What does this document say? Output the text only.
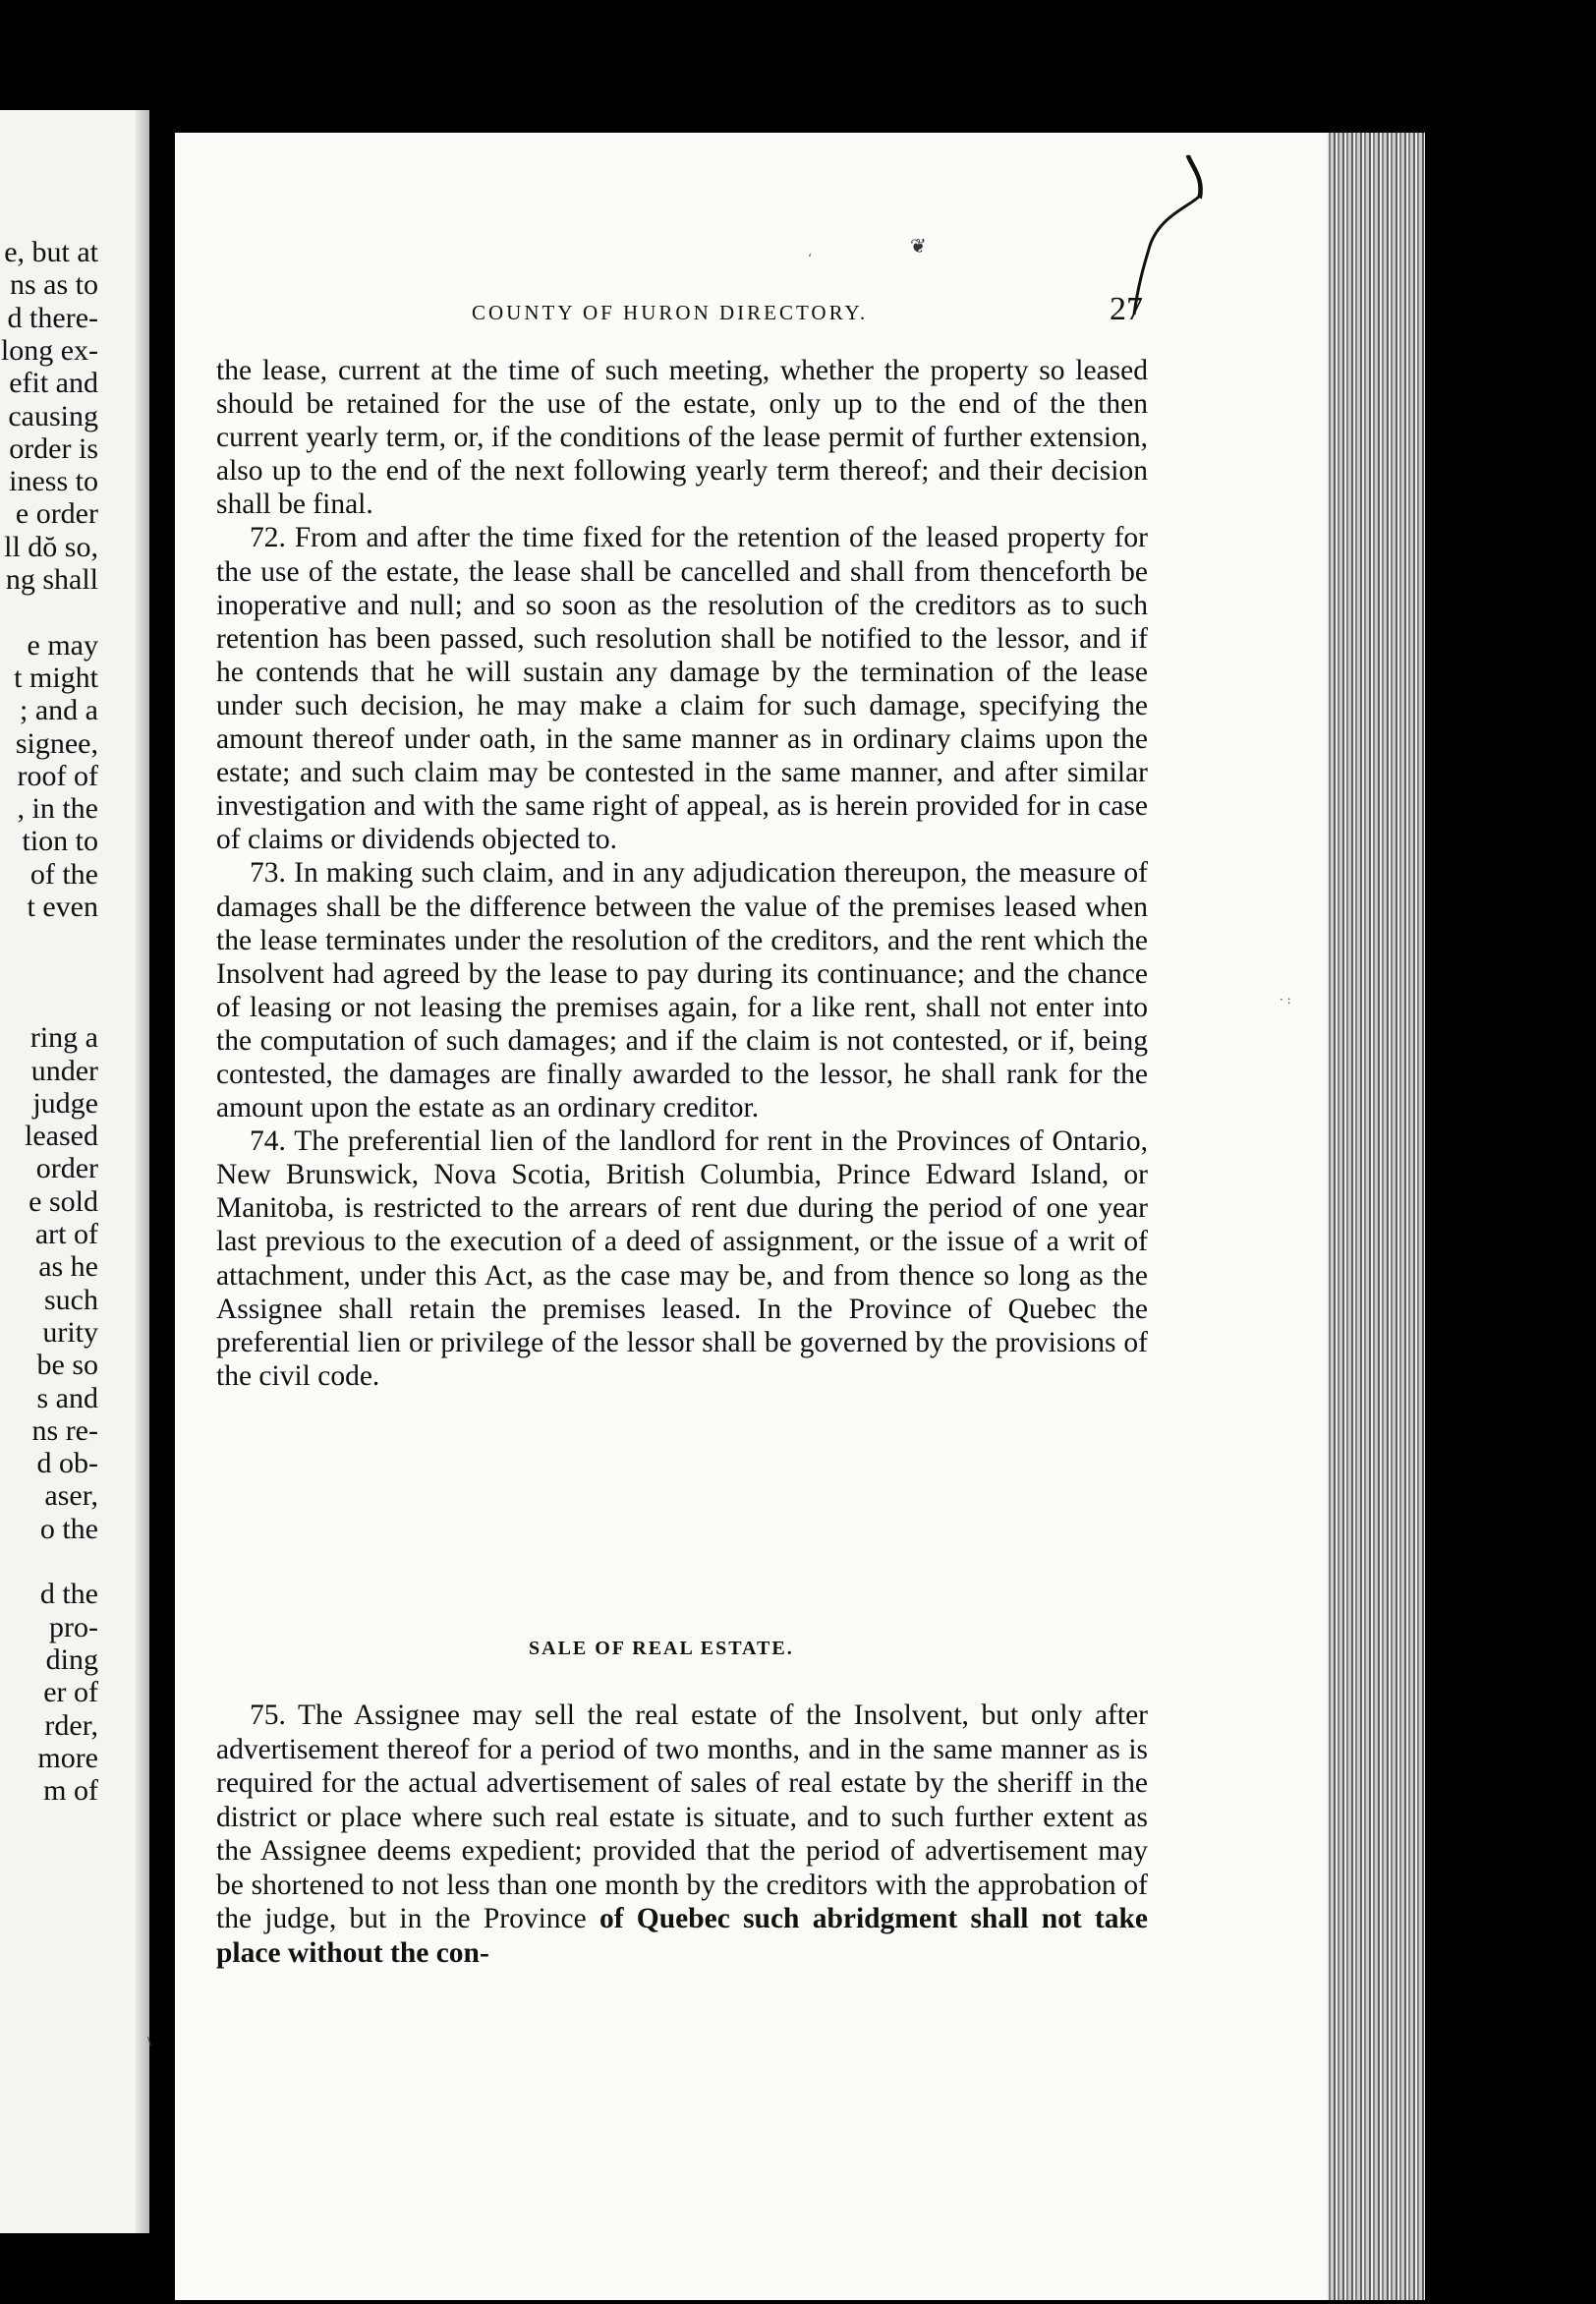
e, but at
ns as to
d there-
long ex-
efit and
causing
order is
iness to
e order
ll dŏ so,
ng shall
e may
t might
; and a
signee,
roof of
, in the
tion to
of the
t even
ring a
under
judge
leased
order
e sold
art of
as he
such
urity
be so
s and
ns re-
d ob-
aser,
o the
d the
pro-
ding
er of
rder,
more
m of
❦
ʻ
· :
\
COUNTY OF HURON DIRECTORY.	27

the lease, current at the time of such meeting, whether the property so leased should be retained for the use of the estate, only up to the end of the then current yearly term, or, if the conditions of the lease permit of further extension, also up to the end of the next following yearly term thereof; and their decision shall be final.

72. From and after the time fixed for the retention of the leased property for the use of the estate, the lease shall be cancelled and shall from thenceforth be inoperative and null; and so soon as the resolution of the creditors as to such retention has been passed, such resolution shall be notified to the lessor, and if he contends that he will sustain any damage by the termination of the lease under such decision, he may make a claim for such damage, specifying the amount thereof under oath, in the same manner as in ordinary claims upon the estate; and such claim may be contested in the same manner, and after similar investigation and with the same right of appeal, as is herein provided for in case of claims or dividends objected to.

73. In making such claim, and in any adjudication thereupon, the measure of damages shall be the difference between the value of the premises leased when the lease terminates under the resolution of the creditors, and the rent which the Insolvent had agreed by the lease to pay during its continuance; and the chance of leasing or not leasing the premises again, for a like rent, shall not enter into the computation of such damages; and if the claim is not contested, or if, being contested, the damages are finally awarded to the lessor, he shall rank for the amount upon the estate as an ordinary creditor.

74. The preferential lien of the landlord for rent in the Provinces of Ontario, New Brunswick, Nova Scotia, British Columbia, Prince Edward Island, or Manitoba, is restricted to the arrears of rent due during the period of one year last previous to the execution of a deed of assignment, or the issue of a writ of attachment, under this Act, as the case may be, and from thence so long as the Assignee shall retain the premises leased. In the Province of Quebec the preferential lien or privilege of the lessor shall be governed by the provisions of the civil code.

SALE OF REAL ESTATE.

75. The Assignee may sell the real estate of the Insolvent, but only after advertisement thereof for a period of two months, and in the same manner as is required for the actual advertisement of sales of real estate by the sheriff in the district or place where such real estate is situate, and to such further extent as the Assignee deems expedient; provided that the period of advertisement may be shortened to not less than one month by the creditors with the approbation of the judge, but in the Province of Quebec such abridgment shall not take place without the con-
